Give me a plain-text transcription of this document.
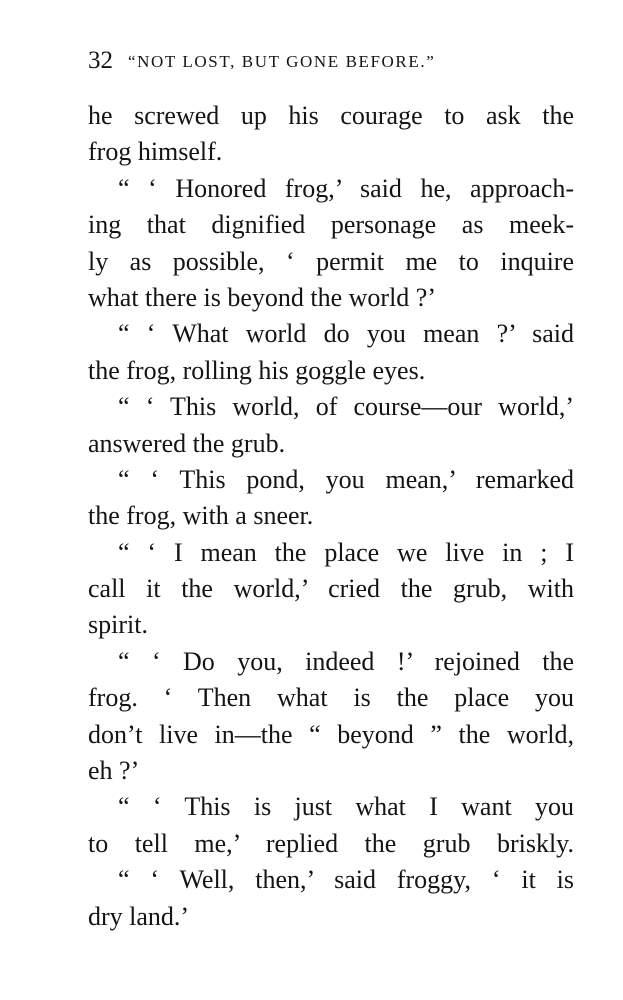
32 “NOT LOST, BUT GONE BEFORE.”
he screwed up his courage to ask the
frog himself.
“ ‘ Honored frog,’ said he, approach-
ing that dignified personage as meek-
ly as possible, ‘ permit me to inquire
what there is beyond the world ?’
“ ‘ What world do you mean ?’ said
the frog, rolling his goggle eyes.
“ ‘ This world, of course—our world,’
answered the grub.
“ ‘ This pond, you mean,’ remarked
the frog, with a sneer.
“ ‘ I mean the place we live in ; I
call it the world,’ cried the grub, with
spirit.
“ ‘ Do you, indeed !’ rejoined the
frog. ‘ Then what is the place you
don’t live in—the “ beyond ” the world,
eh ?’
“ ‘ This is just what I want you
to tell me,’ replied the grub briskly.
“ ‘ Well, then,’ said froggy, ‘ it is
dry land.’
